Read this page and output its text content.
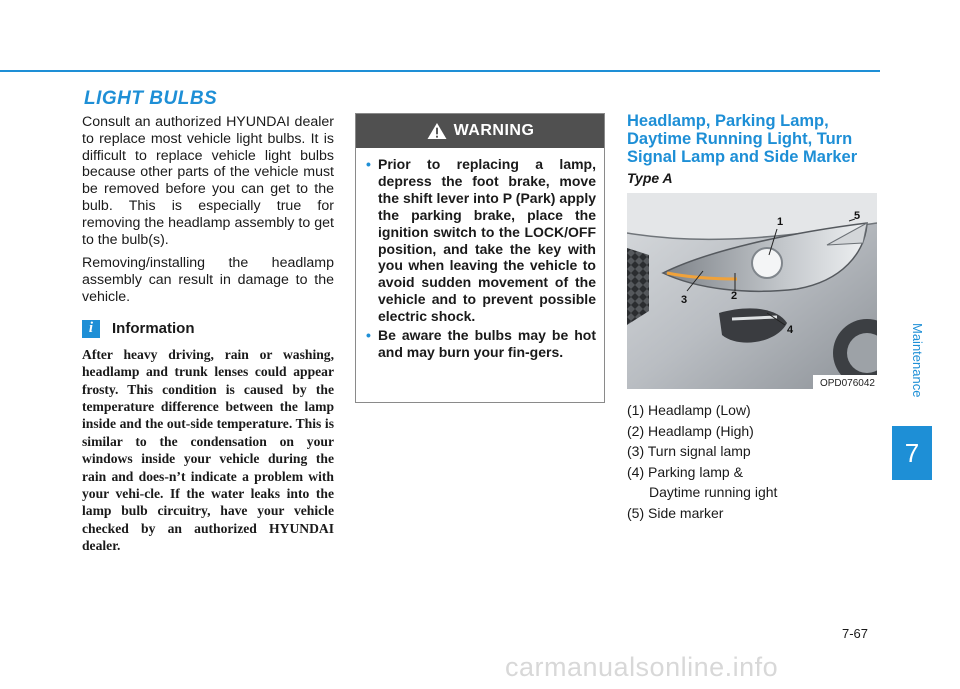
Maintenance
7
LIGHT BULBS

Consult an authorized HYUNDAI dealer to replace most vehicle light bulbs. It is difficult to replace vehicle light bulbs because other parts of the vehicle must be removed before you can get to the bulb. This is especially true for removing the headlamp assembly to get to the bulb(s).

Removing/installing the headlamp assembly can result in damage to the vehicle.

i	Information

After heavy driving, rain or washing, headlamp and trunk lenses could appear frosty. This condition is caused by the temperature difference between the lamp inside and the out-side temperature. This is similar to the condensation on your windows inside your vehicle during the rain and does-n’t indicate a problem with your vehi-cle. If the water leaks into the lamp bulb circuitry, have your vehicle checked by an authorized HYUNDAI dealer.

WARNING
• Prior to replacing a lamp, depress the foot brake, move the shift lever into P (Park) apply the parking brake, place the ignition switch to the LOCK/OFF position, and take the key with you when leaving the vehicle to avoid sudden movement of the vehicle and to prevent possible electric shock.
• Be aware the bulbs may be hot and may burn your fin-gers.
Headlamp, Parking Lamp, Daytime Running Light, Turn Signal Lamp and Side Marker
Type A
1
2
3
4
5
OPD076042
(1) Headlamp (Low)
(2) Headlamp (High)
(3) Turn signal lamp
(4) Parking lamp &
Daytime running ight
(5) Side marker
7-67
carmanualsonline.info
